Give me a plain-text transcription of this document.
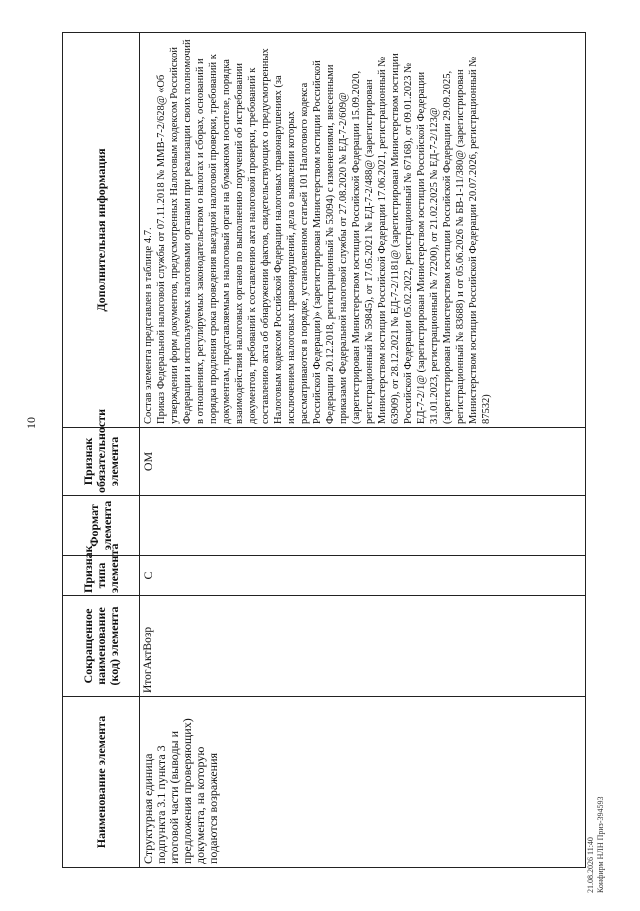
10
Наименование элемента	Сокращенное наименование (код) элемента	Признак типа элемента	Формат элемента	Признак обязательности элемента	Дополнительная информация
Структурная единица подпункта 3.1 пункта 3 итоговой части (выводы и предложения проверяющих) документа, на которую подаются возражения	ИтогАктВозр	С		ОМ	Состав элемента представлен в таблице 4.7. Приказ Федеральной налоговой службы от 07.11.2018 № ММВ-7-2/628@ «Об утверждении форм документов, предусмотренных Налоговым кодексом Российской Федерации и используемых налоговыми органами при реализации своих полномочий в отношениях, регулируемых законодательством о налогах и сборах, оснований и порядка продления срока проведения выездной налоговой проверки, требований к документам, представляемым в налоговый орган на бумажном носителе, порядка взаимодействия налоговых органов по выполнению поручений об истребовании документов, требований к составлению акта налоговой проверки, требований к составлению акта об обнаружении фактов, свидетельствующих о предусмотренных Налоговым кодексом Российской Федерации налоговых правонарушениях (за исключением налоговых правонарушений, дела о выявлении которых рассматриваются в порядке, установленном статьей 101 Налогового кодекса Российской Федерации)» (зарегистрирован Министерством юстиции Российской Федерации 20.12.2018, регистрационный № 53094) с изменениями, внесенными приказами Федеральной налоговой службы от 27.08.2020 № ЕД-7-2/609@ (зарегистрирован Министерством юстиции Российской Федерации 15.09.2020, регистрационный № 59845), от 17.05.2021 № ЕД-7-2/488@ (зарегистрирован Министерством юстиции Российской Федерации 17.06.2021, регистрационный № 63909), от 28.12.2021 № ЕД-7-2/1181@ (зарегистрирован Министерством юстиции Российской Федерации 05.02.2022, регистрационный № 67168), от 09.01.2023 № ЕД-7-2/1@ (зарегистрирован Министерством юстиции Российской Федерации 31.01.2023, регистрационный № 72200), от 21.02.2025 № ЕД-7-2/123@ (зарегистрирован Министерством юстиции Российской Федерации 29.09.2025, регистрационный № 83688) и от 05.06.2026 № БВ-1-11/380@ (зарегистрирован Министерством юстиции Российской Федерации 20.07.2026, регистрационный № 87532)
21.08.2026 11:40 Конфирм НЛН Приз-394593
